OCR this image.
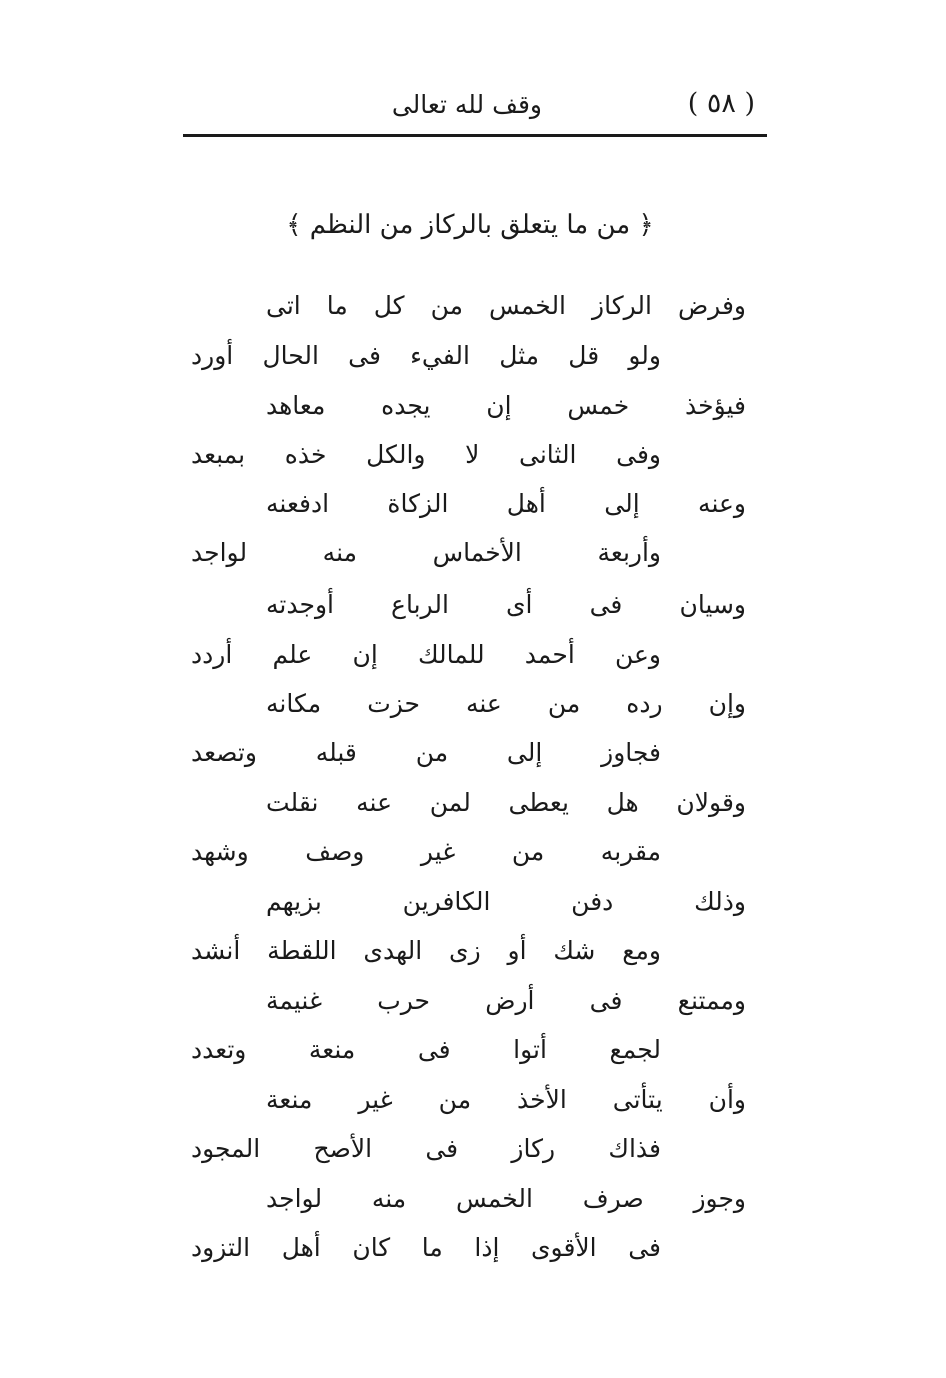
( ٥٨ )
وقف لله تعالى
﴿ من ما يتعلق بالركاز من النظم ﴾
وفرض الركاز الخمس من كل ما اتى
ولو قل مثل الفيء فى الحال أورد
فيؤخذ خمس إن يجده معاهد
وفى الثانى لا والكل خذه بمبعد
وعنه إلى أهل الزكاة ادفعنه
وأربعة الأخماس منه لواجد
وسيان فى أى الرباع أوجدته
وعن أحمد للمالك إن علم أردد
وإن رده من عنه حزت مكانه
فجاوز إلى من قبله وتصعد
وقولان هل يعطى لمن عنه نقلت
مقربه من غير وصف وشهد
وذلك دفن الكافرين بزيهم
ومع شك أو زى الهدى اللقطة أنشد
وممتنع فى أرض حرب غنيمة
لجمع أتوا فى منعة وتعدد
وأن يتأتى الأخذ من غير منعة
فذاك ركاز فى الأصح المجود
وجوز صرف الخمس منه لواجد
فى الأقوى إذا ما كان أهل التزود
